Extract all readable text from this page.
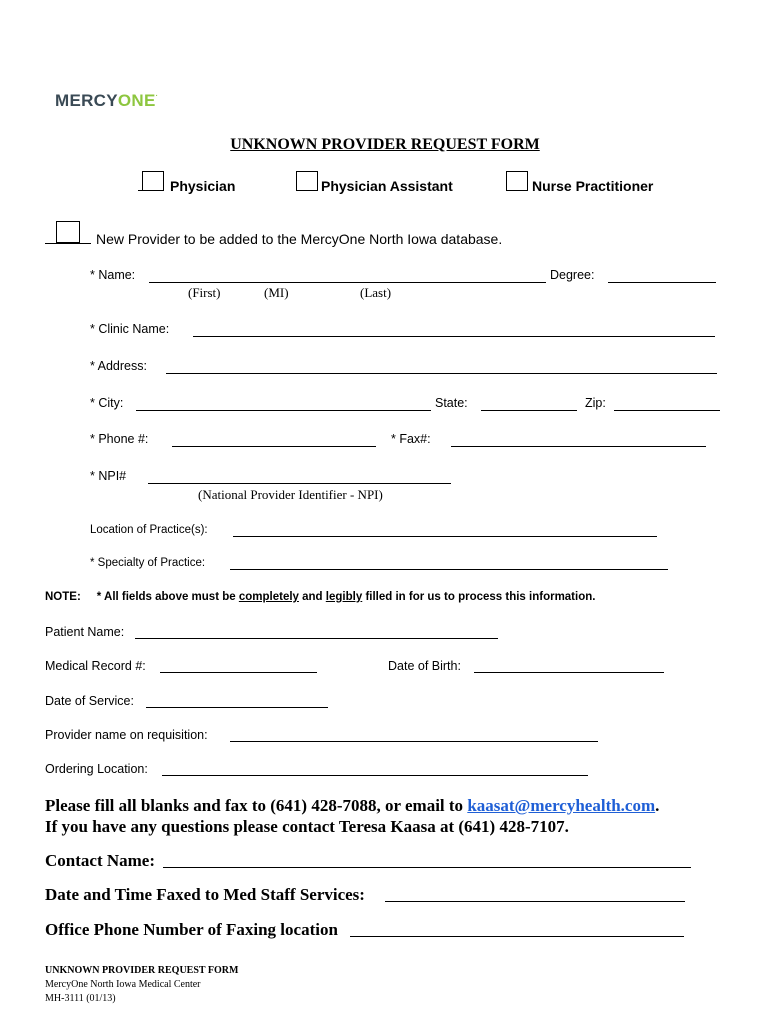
MERCYONE.
UNKNOWN PROVIDER REQUEST FORM
Physician	Physician Assistant	Nurse Practitioner
New Provider to be added to the MercyOne North Iowa database.
* Name:	Degree:
(First)	(MI)	(Last)
* Clinic Name:
* Address:
* City:	State:	Zip:
* Phone #:	* Fax#:
* NPI#
(National Provider Identifier - NPI)
Location of Practice(s):
* Specialty of Practice:
NOTE: * All fields above must be completely and legibly filled in for us to process this information.
Patient Name:
Medical Record #:	Date of Birth:
Date of Service:
Provider name on requisition:
Ordering Location:
Please fill all blanks and fax to (641) 428-7088, or email to kaasat@mercyhealth.com.
If you have any questions please contact Teresa Kaasa at (641) 428-7107.
Contact Name:
Date and Time Faxed to Med Staff Services:
Office Phone Number of Faxing location
UNKNOWN PROVIDER REQUEST FORM
MercyOne North Iowa Medical Center
MH-3111 (01/13)
